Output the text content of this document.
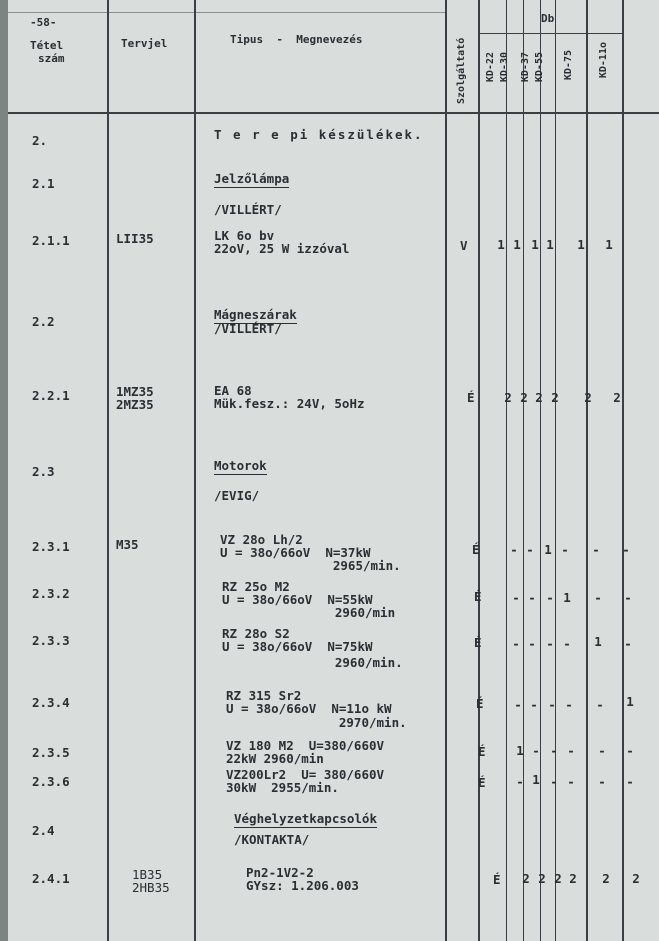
-58-
Tétel
szám
Tervjel	Tipus  -  Megnevezés	Szolgáltató
Db
KD-22 KD-30 KD-37 KD-55 KD-75 KD-11o
2.	T e r e pi készülékek.
2.1	Jelzőlámpa
/VILLÉRT/
2.1.1	LII35	LK 6o bv
22oV, 25 W izzóval	V	1 1 1 1	1	1
2.2	Mágneszárak
/VILLÉRT/
2.2.1	1MZ35
2MZ35
EA 68
Mük.fesz.: 24V, 5oHz	É	2 2 2 2	2	2
2.3	Motorok
/EVIG/
2.3.1	M35	VZ 28o Lh/2
U = 38o/66oV  N=37kW
2965/min.
É	- - 1 -	-	-
2.3.2	RZ 25o M2
U = 38o/66oV  N=55kW
2960/min
É	- - - 1	-	-
2.3.3	RZ 28o S2
U = 38o/66oV  N=75kW
2960/min.
É	- - - -	1	-
2.3.4	RZ 315 Sr2
U = 38o/66oV  N=11o kW
2970/min.
É	- - - -	-	1
2.3.5	VZ 180 M2  U=380/660V
22kW 2960/min	É	1 - - -	-	-
2.3.6	VZ200Lr2  U= 380/660V
30kW  2955/min.	É	- 1 - -	-	-
2.4
Véghelyzetkapcsolók
/KONTAKTA/
2.4.1	1B35
2HB35
Pn2-1V2-2
GYsz: 1.206.003	É	2 2 2 2	2	2
